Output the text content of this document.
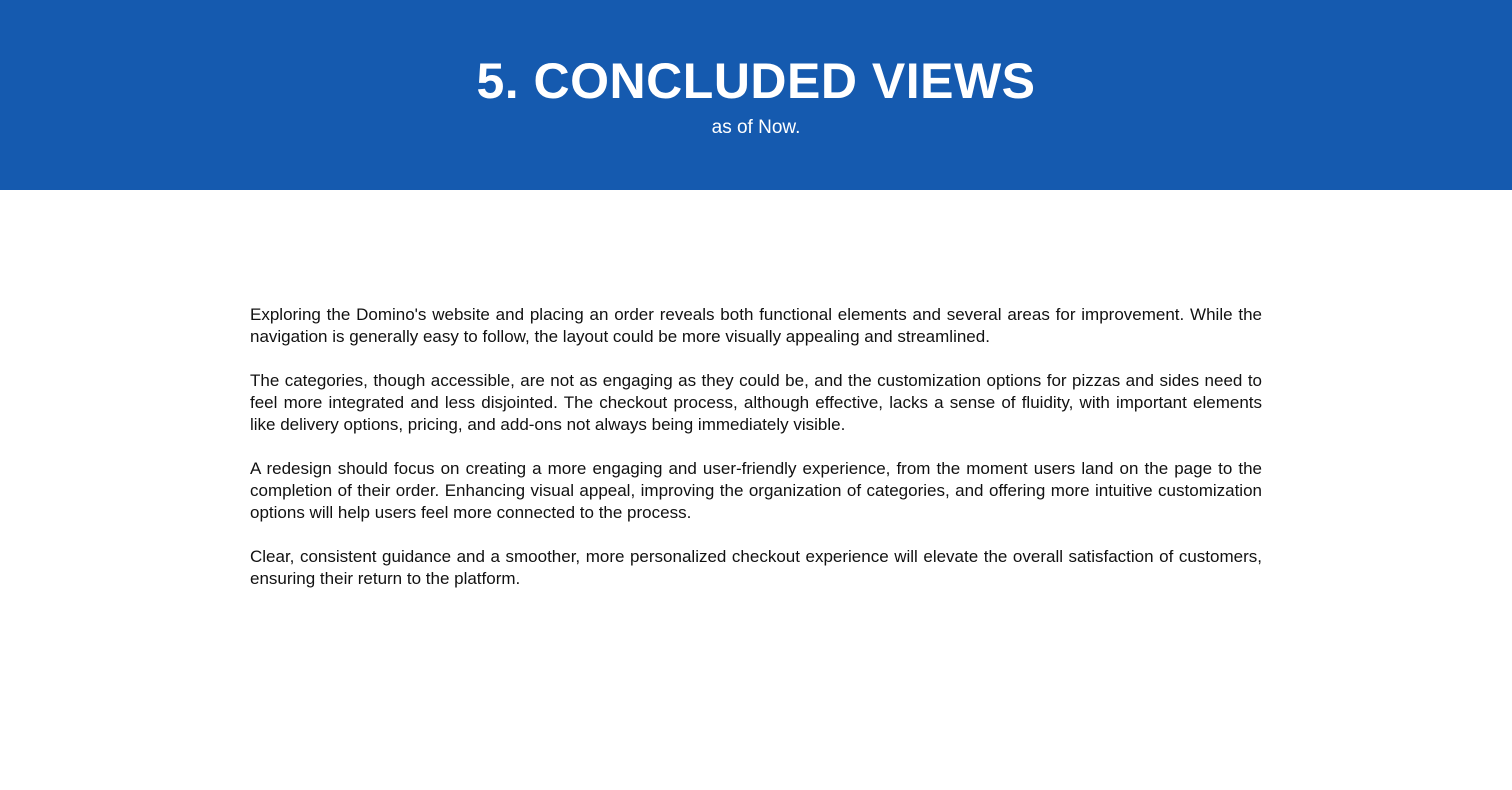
5. CONCLUDED VIEWS
as of Now.

Exploring the Domino's website and placing an order reveals both functional elements and several areas for improvement. While the navigation is generally easy to follow, the layout could be more visually appealing and streamlined.

The categories, though accessible, are not as engaging as they could be, and the customization options for pizzas and sides need to feel more integrated and less disjointed. The checkout process, although effective, lacks a sense of fluidity, with important elements like delivery options, pricing, and add-ons not always being immediately visible.

A redesign should focus on creating a more engaging and user-friendly experience, from the moment users land on the page to the completion of their order. Enhancing visual appeal, improving the organization of categories, and offering more intuitive customization options will help users feel more connected to the process.

Clear, consistent guidance and a smoother, more personalized checkout experience will elevate the overall satisfaction of customers, ensuring their return to the platform.
